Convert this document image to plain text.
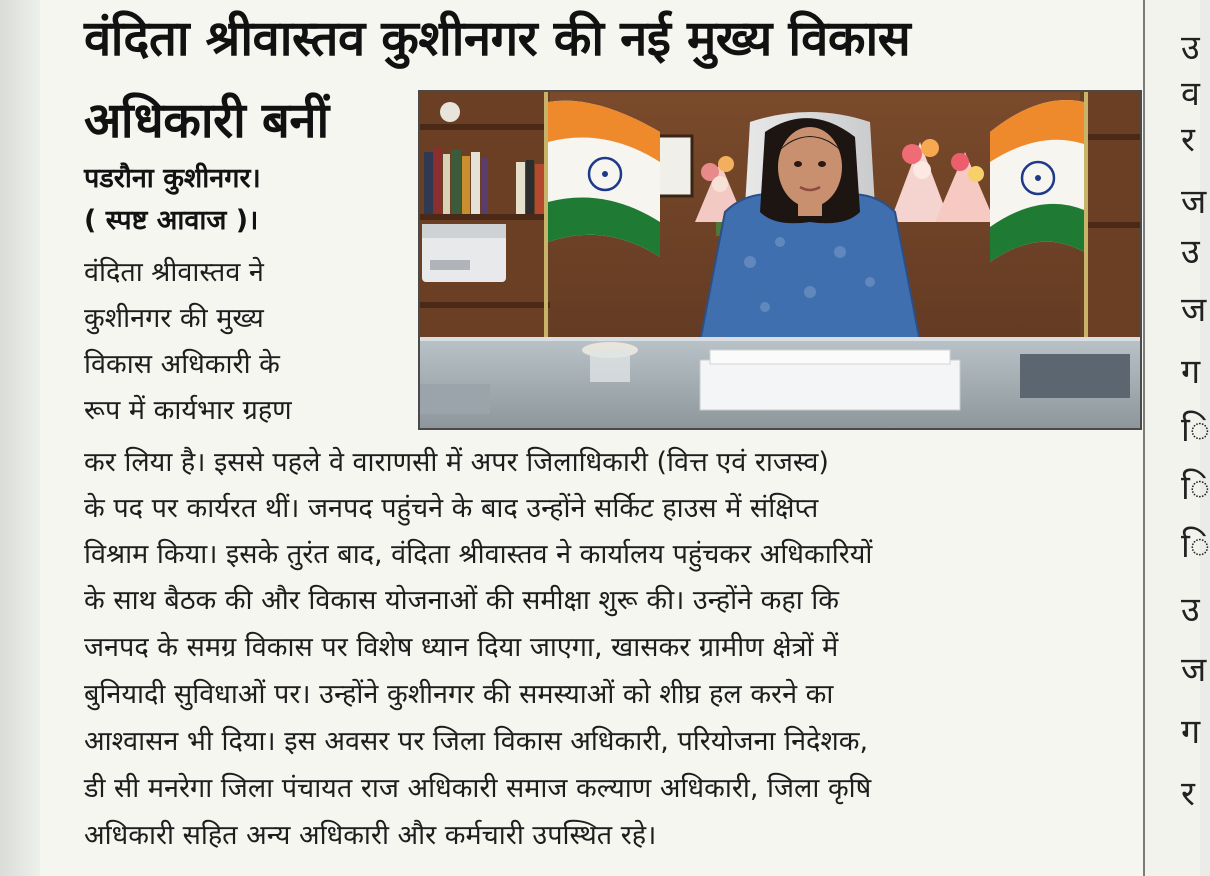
वंदिता श्रीवास्तव कुशीनगर की नई मुख्य विकास
अधिकारी बनीं
पडरौना कुशीनगर।
( स्पष्ट आवाज )।
वंदिता श्रीवास्तव ने
कुशीनगर की मुख्य
विकास अधिकारी के
रूप में कार्यभार ग्रहण
कर लिया है। इससे पहले वे वाराणसी में अपर जिलाधिकारी (वित्त एवं राजस्व)
के पद पर कार्यरत थीं। जनपद पहुंचने के बाद उन्होंने सर्किट हाउस में संक्षिप्त
विश्राम किया। इसके तुरंत बाद, वंदिता श्रीवास्तव ने कार्यालय पहुंचकर अधिकारियों
के साथ बैठक की और विकास योजनाओं की समीक्षा शुरू की। उन्होंने कहा कि
जनपद के समग्र विकास पर विशेष ध्यान दिया जाएगा, खासकर ग्रामीण क्षेत्रों में
बुनियादी सुविधाओं पर। उन्होंने कुशीनगर की समस्याओं को शीघ्र हल करने का
आश्वासन भी दिया। इस अवसर पर जिला विकास अधिकारी, परियोजना निदेशक,
डी सी मनरेगा जिला पंचायत राज अधिकारी समाज कल्याण अधिकारी, जिला कृषि
अधिकारी सहित अन्य अधिकारी और कर्मचारी उपस्थित रहे।
उ
व
र
ज
उ
ज
ग
ि
ि
ि
उ
ज
ग
र
